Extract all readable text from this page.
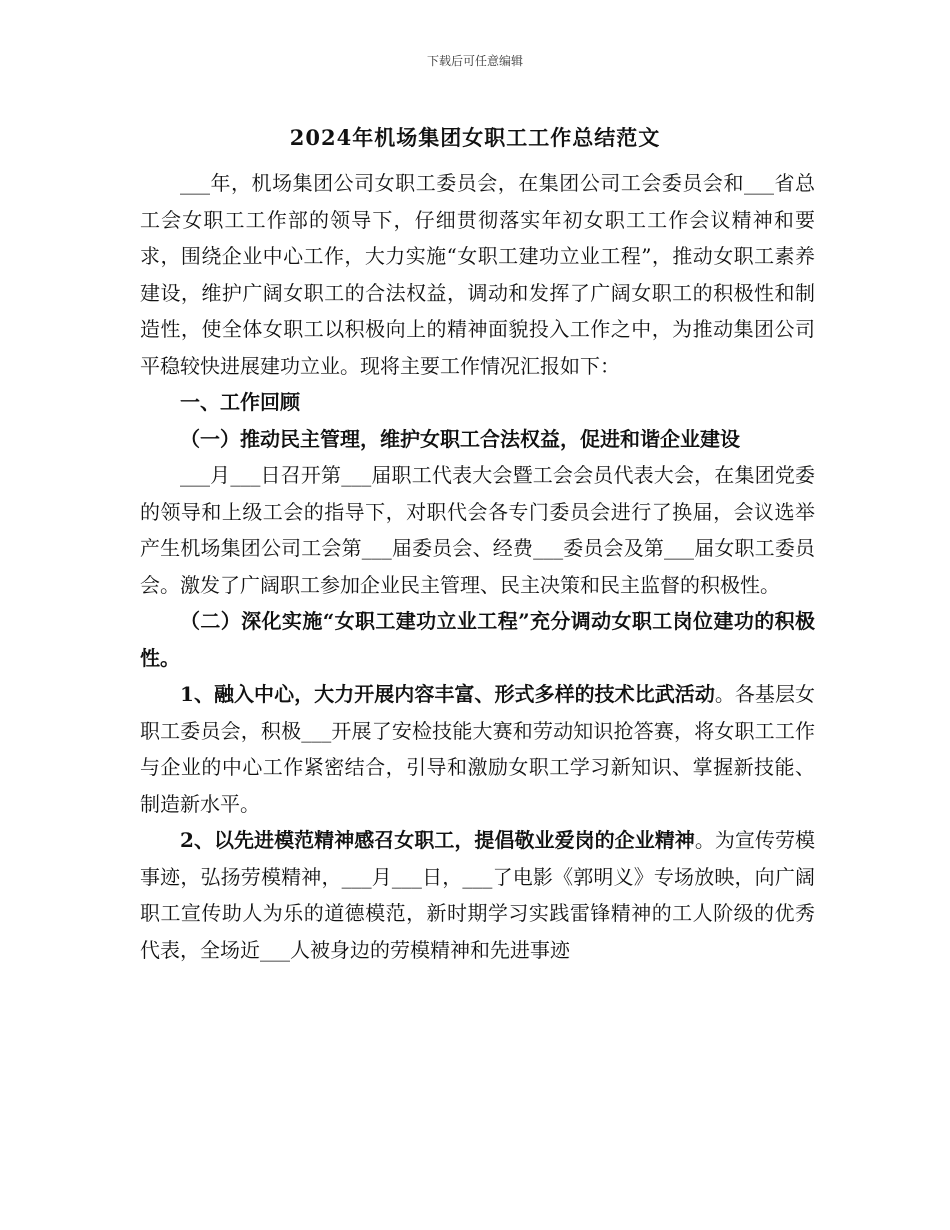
下载后可任意编辑
2024年机场集团女职工工作总结范文

___年，机场集团公司女职工委员会，在集团公司工会委员会和___省总工会女职工工作部的领导下，仔细贯彻落实年初女职工工作会议精神和要求，围绕企业中心工作，大力实施“女职工建功立业工程”，推动女职工素养建设，维护广阔女职工的合法权益，调动和发挥了广阔女职工的积极性和制造性，使全体女职工以积极向上的精神面貌投入工作之中，为推动集团公司平稳较快进展建功立业。现将主要工作情况汇报如下：

一、工作回顾

（一）推动民主管理，维护女职工合法权益，促进和谐企业建设

___月___日召开第___届职工代表大会暨工会会员代表大会，在集团党委的领导和上级工会的指导下，对职代会各专门委员会进行了换届，会议选举产生机场集团公司工会第___届委员会、经费___委员会及第___届女职工委员会。激发了广阔职工参加企业民主管理、民主决策和民主监督的积极性。

（二）深化实施“女职工建功立业工程”充分调动女职工岗位建功的积极性。

1、融入中心，大力开展内容丰富、形式多样的技术比武活动。各基层女职工委员会，积极___开展了安检技能大赛和劳动知识抢答赛，将女职工工作与企业的中心工作紧密结合，引导和激励女职工学习新知识、掌握新技能、制造新水平。

2、以先进模范精神感召女职工，提倡敬业爱岗的企业精神。为宣传劳模事迹，弘扬劳模精神，___月___日，___了电影《郭明义》专场放映，向广阔职工宣传助人为乐的道德模范，新时期学习实践雷锋精神的工人阶级的优秀代表，全场近___人被身边的劳模精神和先进事迹
